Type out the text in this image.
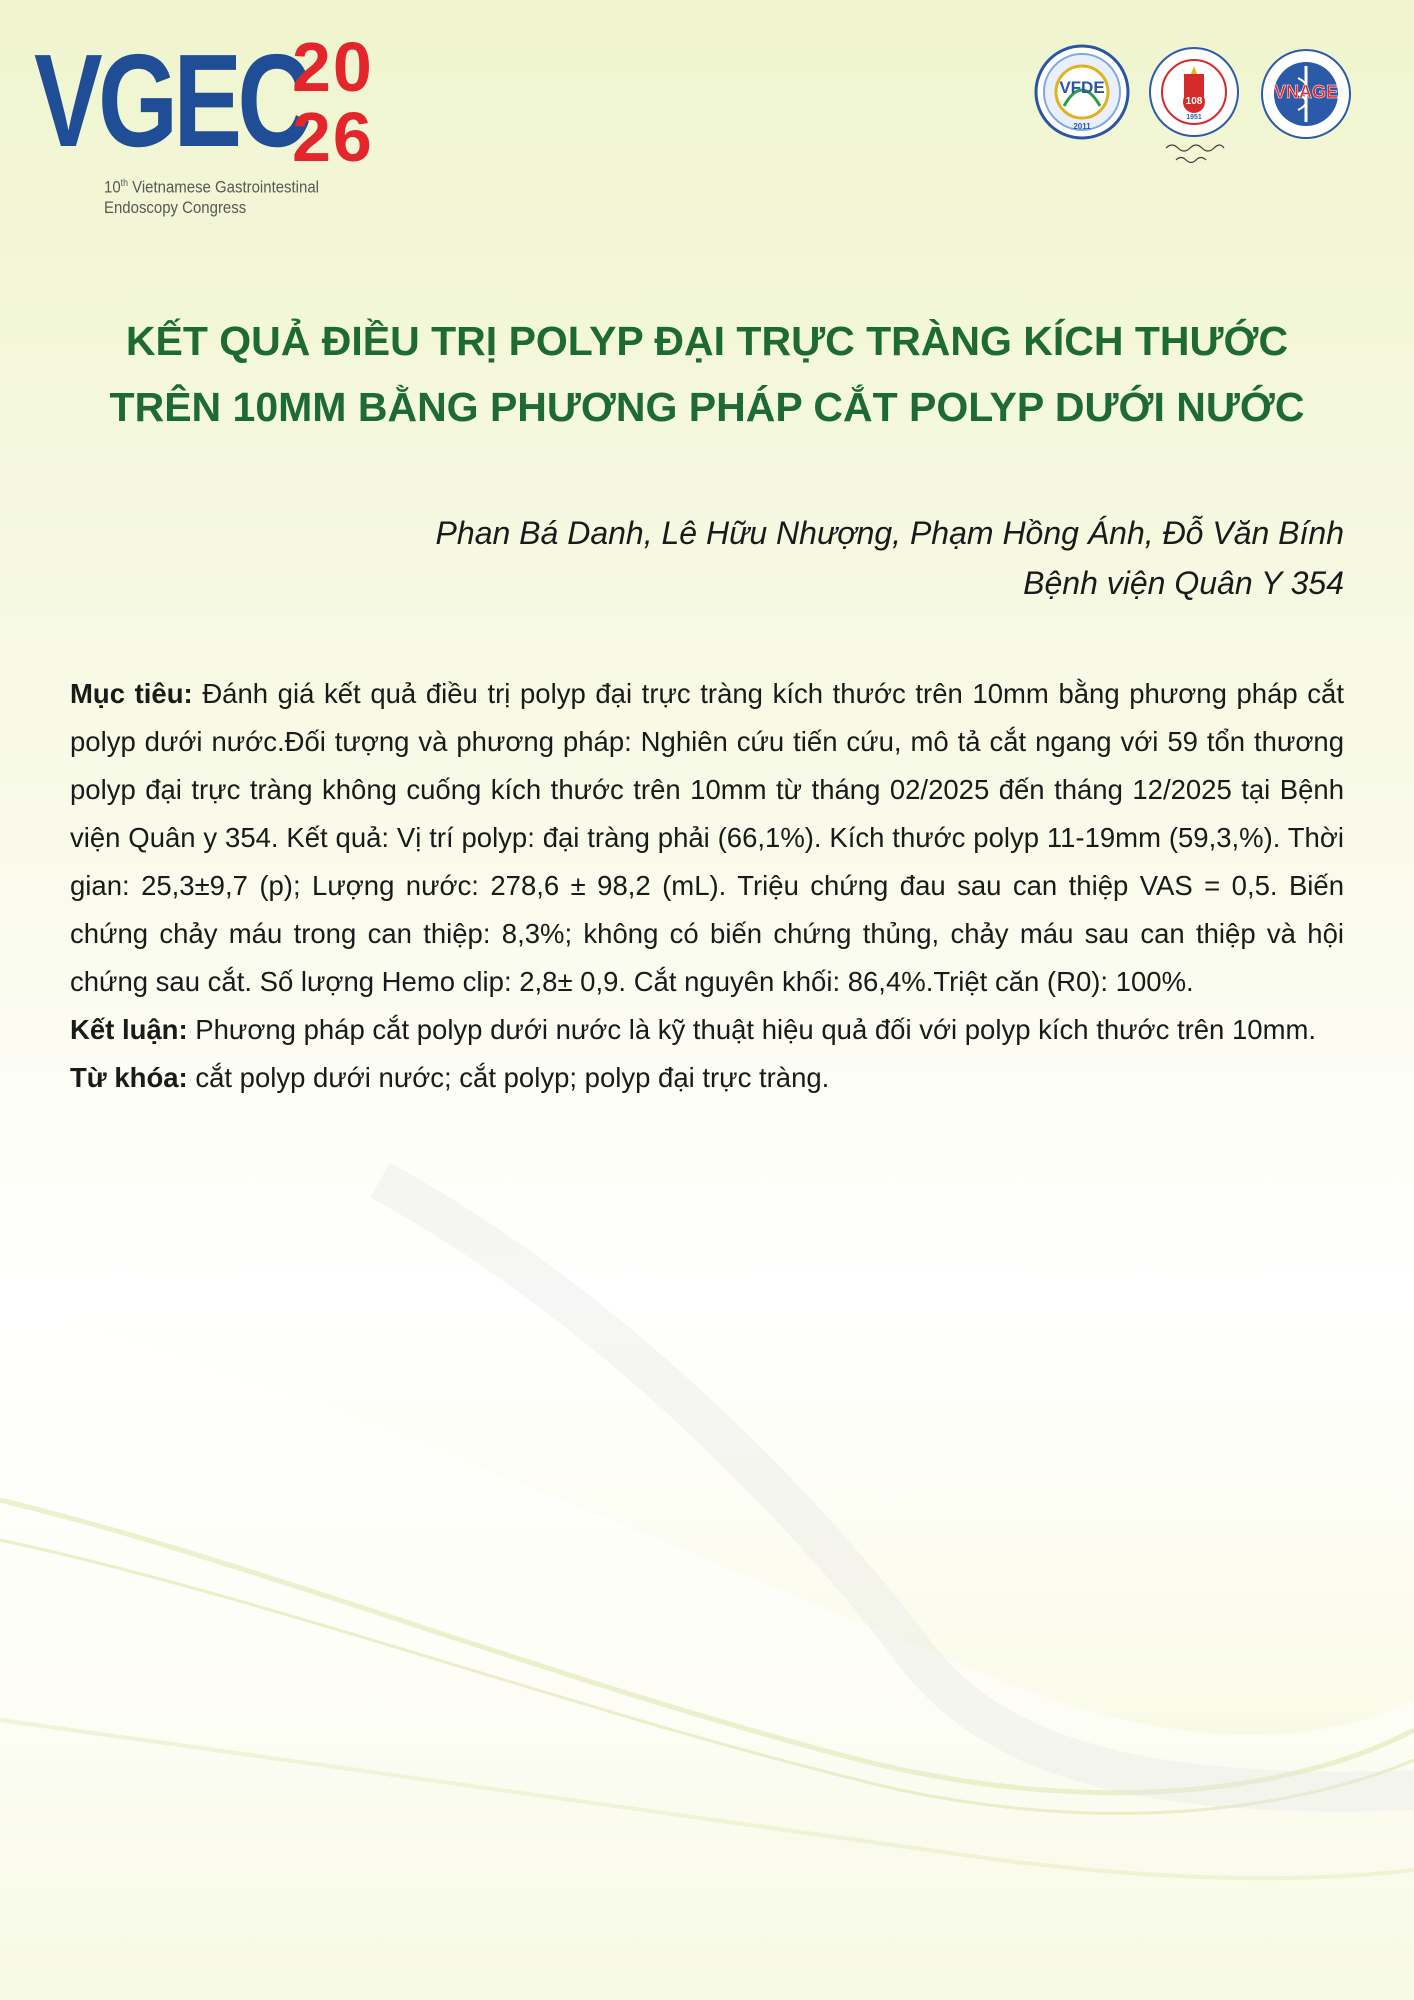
VGEC
20
26
10th Vietnamese Gastrointestinal
Endoscopy Congress
VFDE
2011
108
1951
VNAGE
KẾT QUẢ ĐIỀU TRỊ POLYP ĐẠI TRỰC TRÀNG KÍCH THƯỚC
TRÊN 10MM BẰNG PHƯƠNG PHÁP CẮT POLYP DƯỚI NƯỚC
Phan Bá Danh, Lê Hữu Nhượng, Phạm Hồng Ánh, Đỗ Văn Bính
Bệnh viện Quân Y 354

Mục tiêu: Đánh giá kết quả điều trị polyp đại trực tràng kích thước trên 10mm bằng phương pháp cắt polyp dưới nước.Đối tượng và phương pháp: Nghiên cứu tiến cứu, mô tả cắt ngang với 59 tổn thương polyp đại trực tràng không cuống kích thước trên 10mm từ tháng 02/2025 đến tháng 12/2025 tại Bệnh viện Quân y 354. Kết quả: Vị trí polyp: đại tràng phải (66,1%). Kích thước polyp 11-19mm (59,3,%). Thời gian: 25,3±9,7 (p); Lượng nước: 278,6 ± 98,2 (mL). Triệu chứng đau sau can thiệp VAS = 0,5. Biến chứng chảy máu trong can thiệp: 8,3%; không có biến chứng thủng, chảy máu sau can thiệp và hội chứng sau cắt. Số lượng Hemo clip: 2,8± 0,9. Cắt nguyên khối: 86,4%.Triệt căn (R0): 100%.

Kết luận: Phương pháp cắt polyp dưới nước là kỹ thuật hiệu quả đối với polyp kích thước trên 10mm.

Từ khóa: cắt polyp dưới nước; cắt polyp; polyp đại trực tràng.
